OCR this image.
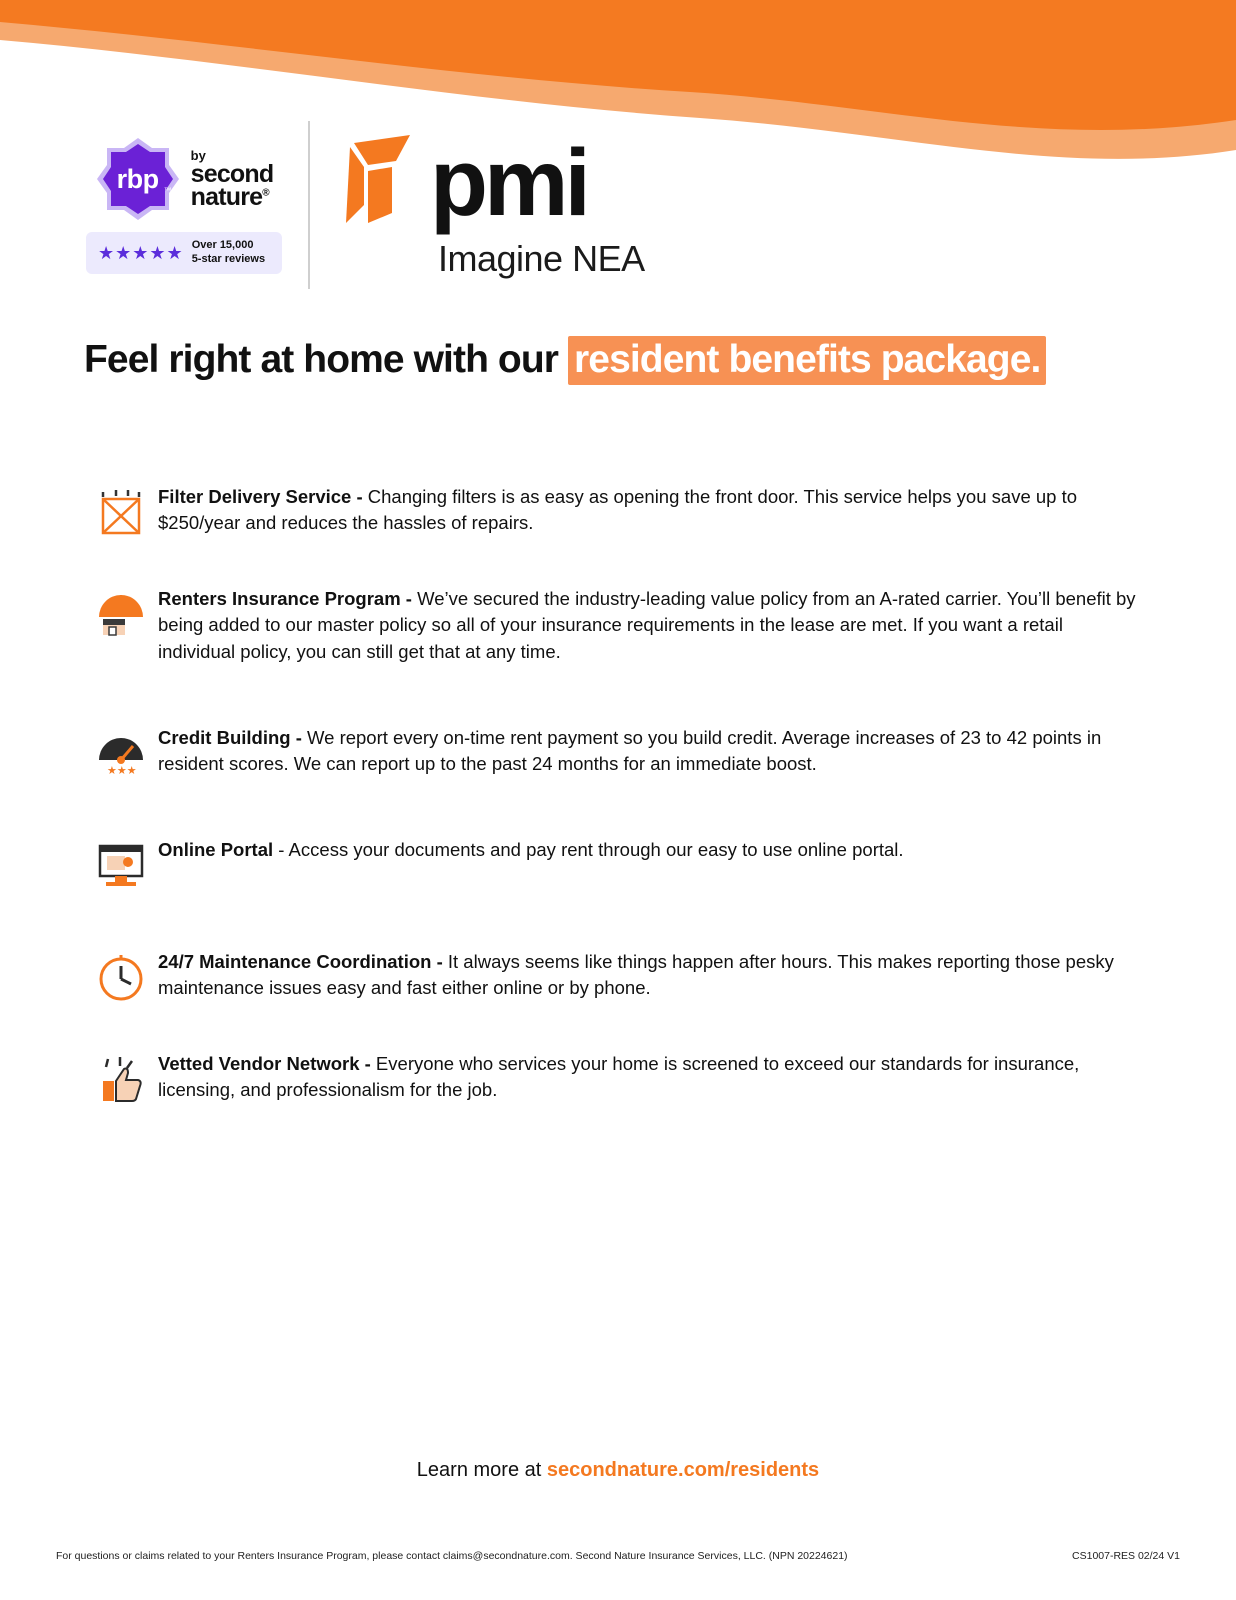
rbp ™
by
second
nature®
★★★★★ Over 15,000
5-star reviews
pmi
Imagine NEA
Feel right at home with our resident benefits package.
Filter Delivery Service - Changing filters is as easy as opening the front door. This service helps you save up to $250/year and reduces the hassles of repairs.
Renters Insurance Program - We’ve secured the industry-leading value policy from an A-rated carrier. You’ll benefit by being added to our master policy so all of your insurance requirements in the lease are met. If you want a retail individual policy, you can still get that at any time.
★★★
Credit Building - We report every on-time rent payment so you build credit. Average increases of 23 to 42 points in resident scores. We can report up to the past 24 months for an immediate boost.
Online Portal - Access your documents and pay rent through our easy to use online portal.
24/7 Maintenance Coordination - It always seems like things happen after hours. This makes reporting those pesky maintenance issues easy and fast either online or by phone.
Vetted Vendor Network - Everyone who services your home is screened to exceed our standards for insurance, licensing, and professionalism for the job.
Learn more at secondnature.com/residents
For questions or claims related to your Renters Insurance Program, please contact claims@secondnature.com. Second Nature Insurance Services, LLC. (NPN 20224621)	CS1007-RES 02/24 V1
